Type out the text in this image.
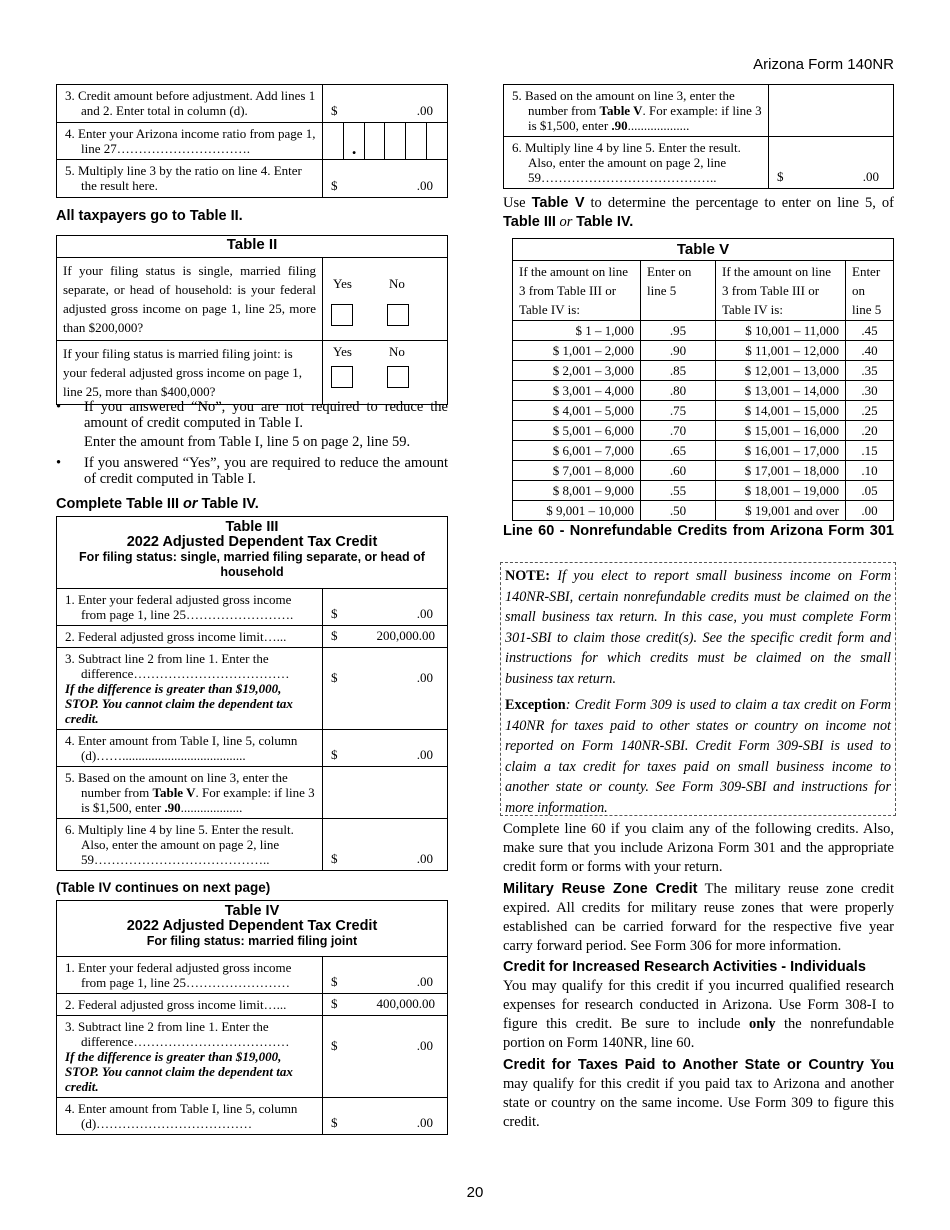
Arizona Form 140NR
3. Credit amount before adjustment. Add lines 1 and 2. Enter total in column (d).	$ .00

4. Enter your Arizona income ratio from page 1, line 27………………………….	
.

5. Multiply line 3 by the ratio on line 4. Enter the result here.	$ .00
All taxpayers go to Table II.
Table II	
If your filing status is single, married filing separate, or head of household: is your federal adjusted gross income on page 1, line 25, more than $200,000?	Yes No

If your filing status is married filing joint: is your federal adjusted gross income on page 1, line 25, more than $400,000?	Yes No
• If you answered “No”, you are not required to reduce the amount of credit computed in Table I.
Enter the amount from Table I, line 5 on page 2, line 59.
• If you answered “Yes”, you are required to reduce the amount of credit computed in Table I.
Complete Table III or Table IV.
Table III
2022 Adjusted Dependent Tax Credit
For filing status: single, married filing separate, or head of household	

1. Enter your federal adjusted gross income from page 1, line 25…………………….	$ .00

2. Federal adjusted gross income limit…...	$ 200,000.00

3. Subtract line 2 from line 1. Enter the difference………………………………
If the difference is greater than $19,000, STOP. You cannot claim the dependent tax credit.	$ .00

4. Enter amount from Table I, line 5, column (d)……......................................	$ .00

5. Based on the amount on line 3, enter the number from Table V. For example: if line 3 is $1,500, enter .90...................	
6. Multiply line 4 by line 5. Enter the result. Also, enter the amount on page 2, line 59…………………………………..	$ .00
(Table IV continues on next page)
Table IV
2022 Adjusted Dependent Tax Credit
For filing status: married filing joint	

1. Enter your federal adjusted gross income from page 1, line 25……………………	$ .00

2. Federal adjusted gross income limit…...	$ 400,000.00

3. Subtract line 2 from line 1. Enter the difference………………………………
If the difference is greater than $19,000, STOP. You cannot claim the dependent tax credit.	$ .00

4. Enter amount from Table I, line 5, column (d)………………………………	$ .00
5. Based on the amount on line 3, enter the number from Table V. For example: if line 3 is $1,500, enter .90...................	
6. Multiply line 4 by line 5. Enter the result. Also, enter the amount on page 2, line 59…………………………………..	$ .00
Use Table V to determine the percentage to enter on line 5, of Table III or Table IV.
Table V			
If the amount on line 3 from Table III or Table IV is:	Enter on line 5	If the amount on line 3 from Table III or Table IV is:	Enter on line 5
$ 1 – 1,000	.95	$ 10,001 – 11,000	.45
$ 1,001 – 2,000	.90	$ 11,001 – 12,000	.40
$ 2,001 – 3,000	.85	$ 12,001 – 13,000	.35
$ 3,001 – 4,000	.80	$ 13,001 – 14,000	.30
$ 4,001 – 5,000	.75	$ 14,001 – 15,000	.25
$ 5,001 – 6,000	.70	$ 15,001 – 16,000	.20
$ 6,001 – 7,000	.65	$ 16,001 – 17,000	.15
$ 7,001 – 8,000	.60	$ 17,001 – 18,000	.10
$ 8,001 – 9,000	.55	$ 18,001 – 19,000	.05
$ 9,001 – 10,000	.50	$ 19,001 and over	.00
Line 60 - Nonrefundable Credits from Arizona Form 301
NOTE: If you elect to report small business income on Form 140NR-SBI, certain nonrefundable credits must be claimed on the small business tax return. In this case, you must complete Form 301-SBI to claim those credit(s). See the specific credit form and instructions for which credits must be claimed on the small business tax return.
Exception: Credit Form 309 is used to claim a tax credit on Form 140NR for taxes paid to other states or country on income not reported on Form 140NR-SBI. Credit Form 309-SBI is used to claim a tax credit for taxes paid on small business income to another state or county. See Form 309-SBI and instructions for more information.
Complete line 60 if you claim any of the following credits. Also, make sure that you include Arizona Form 301 and the appropriate credit form or forms with your return.
Military Reuse Zone Credit The military reuse zone credit expired. All credits for military reuse zones that were properly established can be carried forward for the respective five year carry forward period. See Form 306 for more information.
Credit for Increased Research Activities - Individuals
You may qualify for this credit if you incurred qualified research expenses for research conducted in Arizona. Use Form 308-I to figure this credit. Be sure to include only the nonrefundable portion on Form 140NR, line 60.
Credit for Taxes Paid to Another State or Country You may qualify for this credit if you paid tax to Arizona and another state or country on the same income. Use Form 309 to figure this credit.
20
